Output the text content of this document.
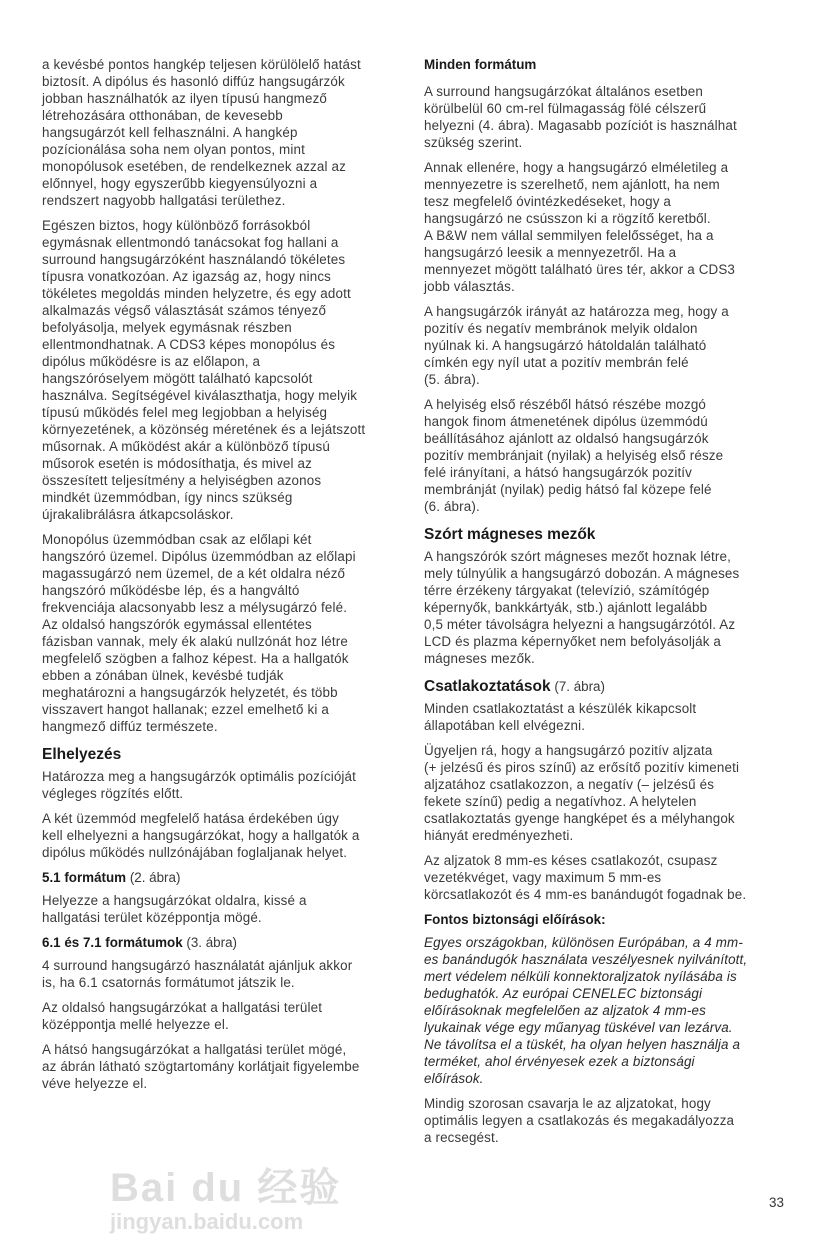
a kevésbé pontos hangkép teljesen körülölelő hatást
biztosít. A dipólus és hasonló diffúz hangsugárzók
jobban használhatók az ilyen típusú hangmező
létrehozására otthonában, de kevesebb
hangsugárzót kell felhasználni. A hangkép
pozícionálása soha nem olyan pontos, mint
monopólusok esetében, de rendelkeznek azzal az
előnnyel, hogy egyszerűbb kiegyensúlyozni a
rendszert nagyobb hallgatási területhez.

Egészen biztos, hogy különböző forrásokból
egymásnak ellentmondó tanácsokat fog hallani a
surround hangsugárzóként használandó tökéletes
típusra vonatkozóan. Az igazság az, hogy nincs
tökéletes megoldás minden helyzetre, és egy adott
alkalmazás végső választását számos tényező
befolyásolja, melyek egymásnak részben
ellentmondhatnak. A CDS3 képes monopólus és
dipólus működésre is az előlapon, a
hangszóróselyem mögött található kapcsolót
használva. Segítségével kiválaszthatja, hogy melyik
típusú működés felel meg legjobban a helyiség
környezetének, a közönség méretének és a lejátszott
műsornak. A működést akár a különböző típusú
műsorok esetén is módosíthatja, és mivel az
összesített teljesítmény a helyiségben azonos
mindkét üzemmódban, így nincs szükség
újrakalibrálásra átkapcsoláskor.

Monopólus üzemmódban csak az előlapi két
hangszóró üzemel. Dipólus üzemmódban az előlapi
magassugárzó nem üzemel, de a két oldalra néző
hangszóró működésbe lép, és a hangváltó
frekvenciája alacsonyabb lesz a mélysugárzó felé.
Az oldalsó hangszórók egymással ellentétes
fázisban vannak, mely ék alakú nullzónát hoz létre
megfelelő szögben a falhoz képest. Ha a hallgatók
ebben a zónában ülnek, kevésbé tudják
meghatározni a hangsugárzók helyzetét, és több
visszavert hangot hallanak; ezzel emelhető ki a
hangmező diffúz természete.

Elhelyezés

Határozza meg a hangsugárzók optimális pozícióját
végleges rögzítés előtt.

A két üzemmód megfelelő hatása érdekében úgy
kell elhelyezni a hangsugárzókat, hogy a hallgatók a
dipólus működés nullzónájában foglaljanak helyet.

5.1 formátum (2. ábra)

Helyezze a hangsugárzókat oldalra, kissé a
hallgatási terület középpontja mögé.

6.1 és 7.1 formátumok (3. ábra)

4 surround hangsugárzó használatát ajánljuk akkor
is, ha 6.1 csatornás formátumot játszik le.

Az oldalsó hangsugárzókat a hallgatási terület
középpontja mellé helyezze el.

A hátsó hangsugárzókat a hallgatási terület mögé,
az ábrán látható szögtartomány korlátjait figyelembe
véve helyezze el.

Minden formátum

A surround hangsugárzókat általános esetben
körülbelül 60 cm-rel fülmagasság fölé célszerű
helyezni (4. ábra). Magasabb pozíciót is használhat
szükség szerint.

Annak ellenére, hogy a hangsugárzó elméletileg a
mennyezetre is szerelhető, nem ajánlott, ha nem
tesz megfelelő óvintézkedéseket, hogy a
hangsugárzó ne csússzon ki a rögzítő keretből.
A B&W nem vállal semmilyen felelősséget, ha a
hangsugárzó leesik a mennyezetről. Ha a
mennyezet mögött található üres tér, akkor a CDS3
jobb választás.

A hangsugárzók irányát az határozza meg, hogy a
pozitív és negatív membránok melyik oldalon
nyúlnak ki. A hangsugárzó hátoldalán található
címkén egy nyíl utat a pozitív membrán felé
(5. ábra).

A helyiség első részéből hátsó részébe mozgó
hangok finom átmenetének dipólus üzemmódú
beállításához ajánlott az oldalsó hangsugárzók
pozitív membránjait (nyilak) a helyiség első része
felé irányítani, a hátsó hangsugárzók pozitív
membránját (nyilak) pedig hátsó fal közepe felé
(6. ábra).

Szórt mágneses mezők

A hangszórók szórt mágneses mezőt hoznak létre,
mely túlnyúlik a hangsugárzó dobozán. A mágneses
térre érzékeny tárgyakat (televízió, számítógép
képernyők, bankkártyák, stb.) ajánlott legalább
0,5 méter távolságra helyezni a hangsugárzótól. Az
LCD és plazma képernyőket nem befolyásolják a
mágneses mezők.

Csatlakoztatások (7. ábra)

Minden csatlakoztatást a készülék kikapcsolt
állapotában kell elvégezni.

Ügyeljen rá, hogy a hangsugárzó pozitív aljzata
(+ jelzésű és piros színű) az erősítő pozitív kimeneti
aljzatához csatlakozzon, a negatív (– jelzésű és
fekete színű) pedig a negatívhoz. A helytelen
csatlakoztatás gyenge hangképet és a mélyhangok
hiányát eredményezheti.

Az aljzatok 8 mm-es késes csatlakozót, csupasz
vezetékvéget, vagy maximum 5 mm-es
körcsatlakozót és 4 mm-es banándugót fogadnak be.

Fontos biztonsági előírások:

Egyes országokban, különösen Európában, a 4 mm-
es banándugók használata veszélyesnek nyilvánított,
mert védelem nélküli konnektoraljzatok nyílásába is
bedughatók. Az európai CENELEC biztonsági
előírásoknak megfelelően az aljzatok 4 mm-es
lyukainak vége egy műanyag tüskével van lezárva.
Ne távolítsa el a tüskét, ha olyan helyen használja a
terméket, ahol érvényesek ezek a biztonsági
előírások.

Mindig szorosan csavarja le az aljzatokat, hogy
optimális legyen a csatlakozás és megakadályozza
a recsegést.

33
Bai du 经验
jingyan.baidu.com
